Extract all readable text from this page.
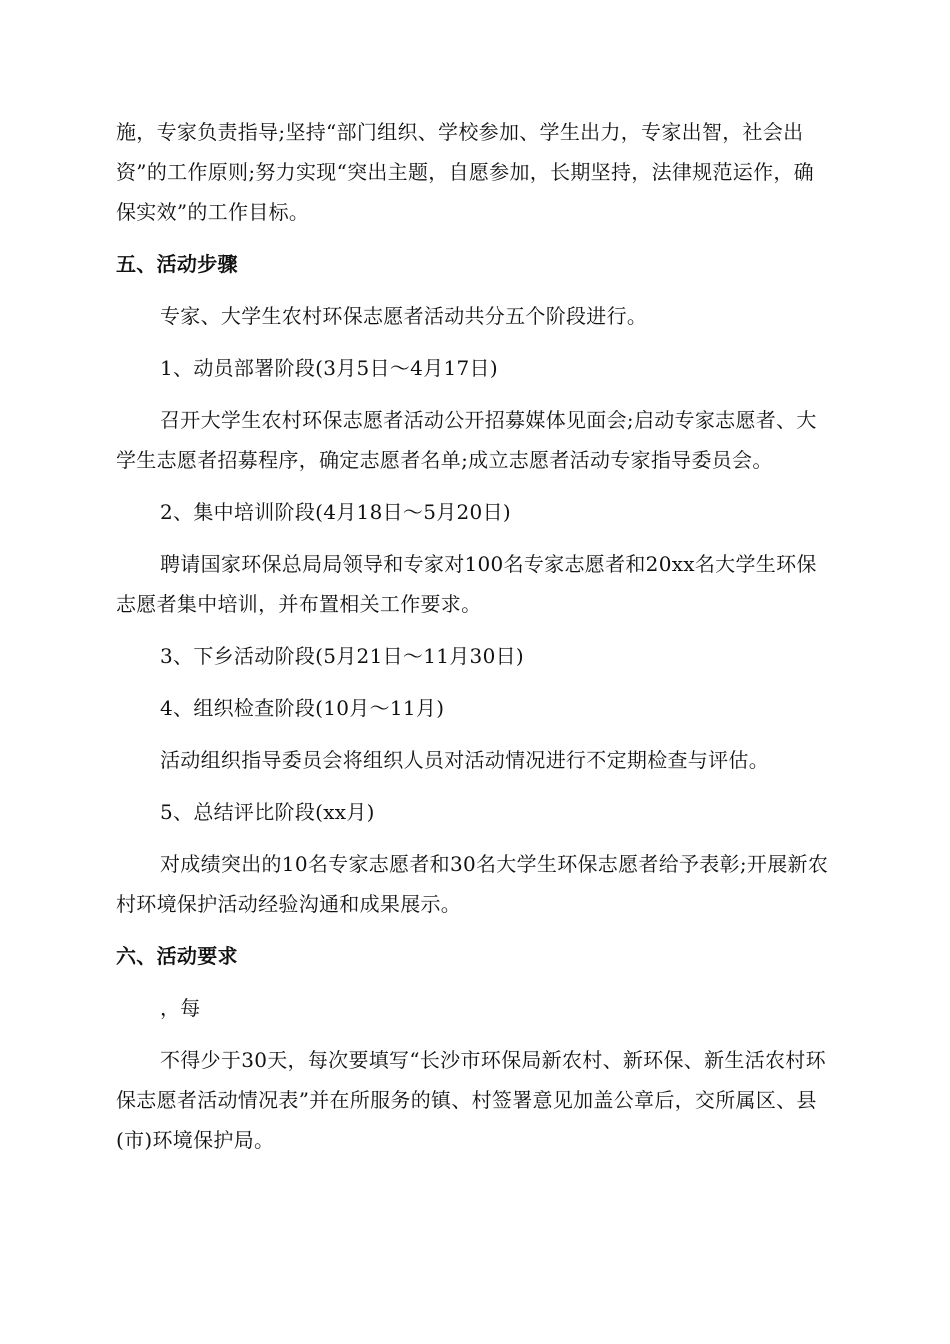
施，专家负责指导;坚持“部门组织、学校参加、学生出力，专家出智，社会出资”的工作原则;努力实现“突出主题，自愿参加，长期坚持，法律规范运作，确保实效”的工作目标。

五、活动步骤

专家、大学生农村环保志愿者活动共分五个阶段进行。

1、动员部署阶段(3月5日～4月17日)

召开大学生农村环保志愿者活动公开招募媒体见面会;启动专家志愿者、大学生志愿者招募程序，确定志愿者名单;成立志愿者活动专家指导委员会。

2、集中培训阶段(4月18日～5月20日)

聘请国家环保总局局领导和专家对100名专家志愿者和20xx名大学生环保志愿者集中培训，并布置相关工作要求。

3、下乡活动阶段(5月21日～11月30日)

4、组织检查阶段(10月～11月)

活动组织指导委员会将组织人员对活动情况进行不定期检查与评估。

5、总结评比阶段(xx月)

对成绩突出的10名专家志愿者和30名大学生环保志愿者给予表彰;开展新农村环境保护活动经验沟通和成果展示。

六、活动要求

，每

不得少于30天，每次要填写“长沙市环保局新农村、新环保、新生活农村环保志愿者活动情况表”并在所服务的镇、村签署意见加盖公章后，交所属区、县(市)环境保护局。
